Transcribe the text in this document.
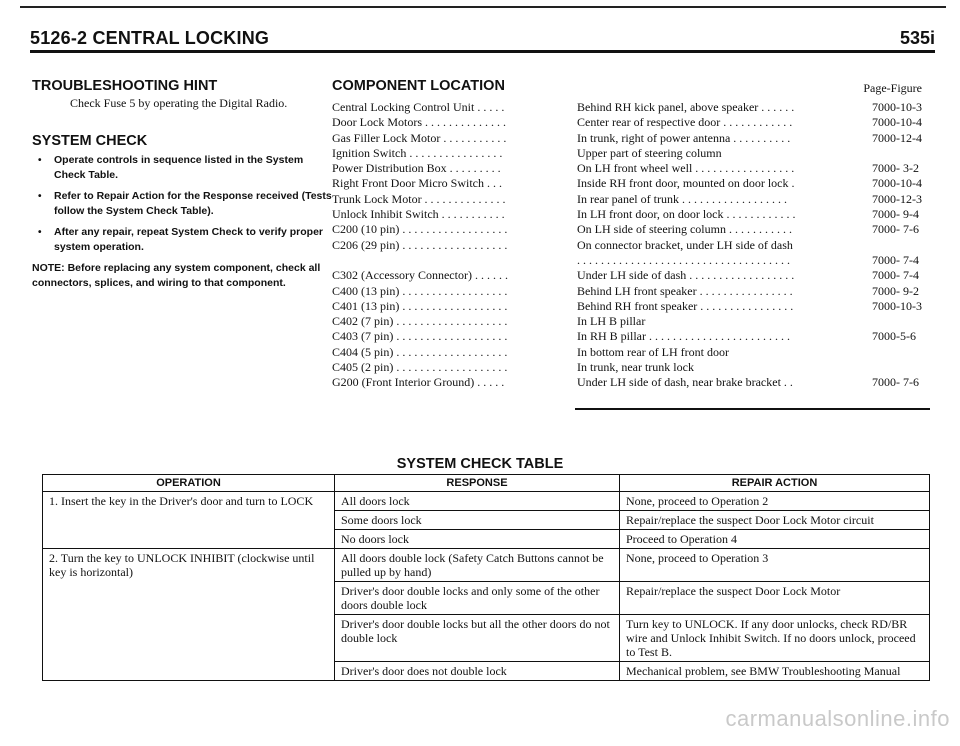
5126-2 CENTRAL LOCKING	535i
TROUBLESHOOTING HINT
Check Fuse 5 by operating the Digital Radio.
SYSTEM CHECK
• Operate controls in sequence listed in the System Check Table.
• Refer to Repair Action for the Response received (Tests follow the System Check Table).
• After any repair, repeat System Check to verify proper system operation.
NOTE: Before replacing any system component, check all connectors, splices, and wiring to that component.
COMPONENT LOCATION	Page-Figure
Central Locking Control Unit . . . . .	Behind RH kick panel, above speaker . . . . . .	7000-10-3
Door Lock Motors . . . . . . . . . . . . . .	Center rear of respective door . . . . . . . . . . . .	7000-10-4
Gas Filler Lock Motor . . . . . . . . . . .	In trunk, right of power antenna . . . . . . . . . .	7000-12-4
Ignition Switch . . . . . . . . . . . . . . . .	Upper part of steering column
Power Distribution Box . . . . . . . . .	On LH front wheel well . . . . . . . . . . . . . . . . .	7000- 3-2
Right Front Door Micro Switch . . .	Inside RH front door, mounted on door lock .	7000-10-4
Trunk Lock Motor . . . . . . . . . . . . . .	In rear panel of trunk . . . . . . . . . . . . . . . . . .	7000-12-3
Unlock Inhibit Switch . . . . . . . . . . .	In LH front door, on door lock . . . . . . . . . . . .	7000- 9-4
C200 (10 pin) . . . . . . . . . . . . . . . . . .	On LH side of steering column . . . . . . . . . . .	7000- 7-6
C206 (29 pin) . . . . . . . . . . . . . . . . . .	On connector bracket, under LH side of dash
. . . . . . . . . . . . . . . . . . . . . . . . . . . . . . . . . . . .	7000- 7-4
C302 (Accessory Connector) . . . . . .	Under LH side of dash . . . . . . . . . . . . . . . . . .	7000- 7-4
C400 (13 pin) . . . . . . . . . . . . . . . . . .	Behind LH front speaker . . . . . . . . . . . . . . . .	7000- 9-2
C401 (13 pin) . . . . . . . . . . . . . . . . . .	Behind RH front speaker . . . . . . . . . . . . . . . .	7000-10-3
C402 (7 pin) . . . . . . . . . . . . . . . . . . .	In LH B pillar
C403 (7 pin) . . . . . . . . . . . . . . . . . . .	In RH B pillar . . . . . . . . . . . . . . . . . . . . . . . .	7000-5-6
C404 (5 pin) . . . . . . . . . . . . . . . . . . .	In bottom rear of LH front door
C405 (2 pin) . . . . . . . . . . . . . . . . . . .	In trunk, near trunk lock
G200 (Front Interior Ground) . . . . .	Under LH side of dash, near brake bracket . .	7000- 7-6
SYSTEM CHECK TABLE
OPERATION	RESPONSE	REPAIR ACTION
1. Insert the key in the Driver's door and turn to LOCK	All doors lock	None, proceed to Operation 2
	Some doors lock	Repair/replace the suspect Door Lock Motor circuit
	No doors lock	Proceed to Operation 4
2. Turn the key to UNLOCK INHIBIT (clockwise until key is horizontal)	All doors double lock (Safety Catch Buttons cannot be pulled up by hand)	None, proceed to Operation 3
	Driver's door double locks and only some of the other doors double lock	Repair/replace the suspect Door Lock Motor
	Driver's door double locks but all the other doors do not double lock	Turn key to UNLOCK. If any door unlocks, check RD/BR wire and Unlock Inhibit Switch. If no doors unlock, proceed to Test B.
	Driver's door does not double lock	Mechanical problem, see BMW Troubleshooting Manual
carmanualsonline.info
